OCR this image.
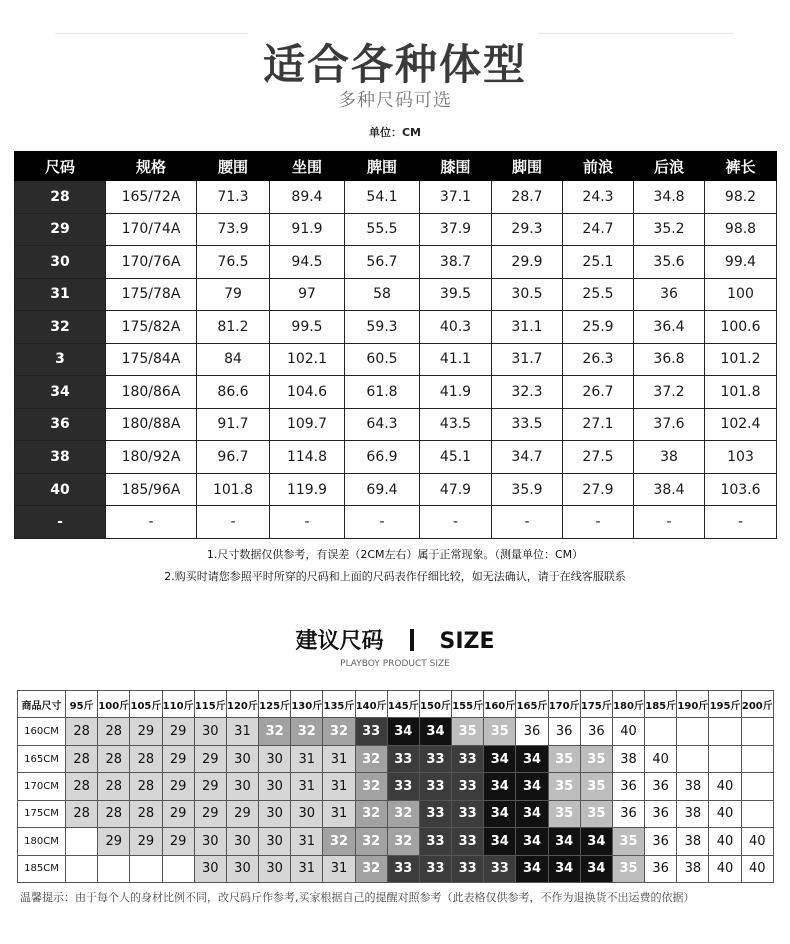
适合各种体型
多种尺码可选
单位：CM
尺码	规格	腰围	坐围	脾围	膝围	脚围	前浪	后浪	裤长
28	165/72A	71.3	89.4	54.1	37.1	28.7	24.3	34.8	98.2
29	170/74A	73.9	91.9	55.5	37.9	29.3	24.7	35.2	98.8
30	170/76A	76.5	94.5	56.7	38.7	29.9	25.1	35.6	99.4
31	175/78A	79	97	58	39.5	30.5	25.5	36	100
32	175/82A	81.2	99.5	59.3	40.3	31.1	25.9	36.4	100.6
3	175/84A	84	102.1	60.5	41.1	31.7	26.3	36.8	101.2
34	180/86A	86.6	104.6	61.8	41.9	32.3	26.7	37.2	101.8
36	180/88A	91.7	109.7	64.3	43.5	33.5	27.1	37.6	102.4
38	180/92A	96.7	114.8	66.9	45.1	34.7	27.5	38	103
40	185/96A	101.8	119.9	69.4	47.9	35.9	27.9	38.4	103.6
-	-	-	-	-	-	-	-	-	-
1.尺寸数据仅供参考，有误差（2CM左右）属于正常现象。（测量单位：CM）
2.购买时请您参照平时所穿的尺码和上面的尺码表作仔细比较，如无法确认，请于在线客服联系
建议尺码	SIZE
PLAYBOY PRODUCT SIZE
商品尺寸	95斤	100斤	105斤	110斤	115斤	120斤	125斤	130斤	135斤	140斤	145斤	150斤	155斤	160斤	165斤	170斤	175斤	180斤	185斤	190斤	195斤	200斤
160CM	28	28	29	29	30	31	32	32	32	33	34	34	35	35	36	36	36	40				
165CM	28	28	28	29	29	30	30	31	31	32	33	33	33	34	34	35	35	38	40			
170CM	28	28	28	29	29	30	30	31	31	32	33	33	33	34	34	35	35	36	36	38	40	
175CM	28	28	28	29	29	29	30	30	31	32	32	33	33	34	34	35	35	36	36	38	40	
180CM		29	29	29	30	30	30	31	32	32	32	33	33	34	34	34	34	35	36	38	40	40
185CM					30	30	30	31	31	32	33	33	33	33	34	34	34	35	36	38	40	40
温馨提示：由于每个人的身材比例不同，改尺码斤作参考,买家根据自己的提醒对照参考（此表格仅供参考，不作为退换货不出运费的依据）
